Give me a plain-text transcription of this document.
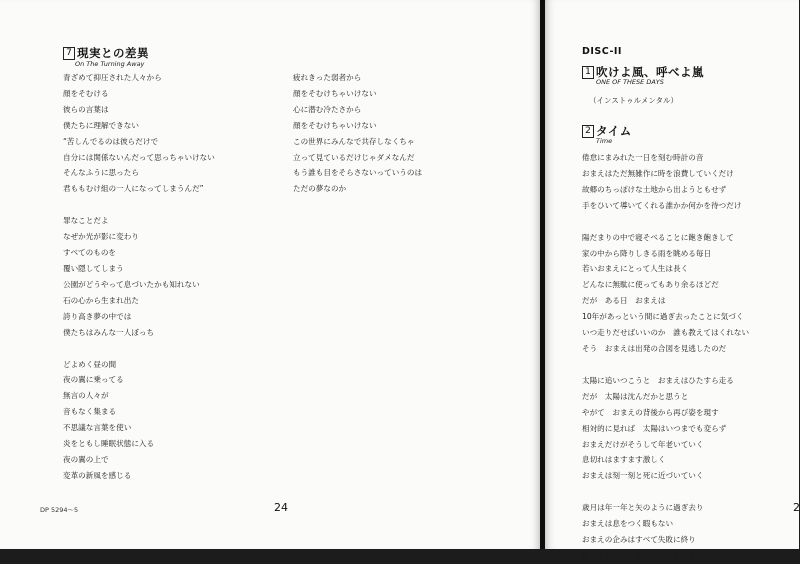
7 現実との差異
On The Turning Away
青ざめて抑圧された人々から
顔をそむける
彼らの言葉は
僕たちに理解できない
“苦しんでるのは彼らだけで
自分には関係ないんだって思っちゃいけない
そんなふうに思ったら
君ももむけ組の一人になってしまうんだ”
罪なことだよ
なぜか光が影に変わり
すべてのものを
覆い隠してしまう
公園がどうやって息づいたかも知れない
石の心から生まれ出た
誇り高き夢の中では
僕たちはみんな一人ぼっち
どよめく昼の間
夜の翼に乗ってる
無言の人々が
音もなく集まる
不思議な言葉を使い
炎をともし睡眠状態に入る
夜の翼の上で
変革の新風を感じる
疲れきった弱者から
顔をそむけちゃいけない
心に潜む冷たさから
顔をそむけちゃいけない
この世界にみんなで共存しなくちゃ
立って見ているだけじゃダメなんだ
もう誰も目をそらさないっていうのは
ただの夢なのか
DP 5294～5	24
DISC-II
1 吹けよ風、呼べよ嵐
ONE OF THESE DAYS
（インストゥルメンタル）
2 タイム
Time
倦怠にまみれた一日を刻む時計の音
おまえはただ無雑作に時を浪費していくだけ
故郷のちっぽけな土地から出ようともせず
手をひいて導いてくれる誰かか何かを待つだけ
陽だまりの中で寝そべることに飽き飽きして
家の中から降りしきる雨を眺める毎日
若いおまえにとって人生は長く
どんなに無駄に使ってもあり余るほどだ
だが　ある日　おまえは
10年があっという間に過ぎ去ったことに気づく
いつ走りだせばいいのか　誰も教えてはくれない
そう　おまえは出発の合図を見逃したのだ
太陽に追いつこうと　おまえはひたすら走る
だが　太陽は沈んだかと思うと
やがて　おまえの背後から再び姿を現す
相対的に見れば　太陽はいつまでも変らず
おまえだけがそうして年老いていく
息切れはますます激しく
おまえは刻一刻と死に近づいていく
歳月は年一年と矢のように過ぎ去り
おまえは息をつく暇もない
おまえの企みはすべて失敗に終り
残ったものはかきなぐった予定表だけ
2
